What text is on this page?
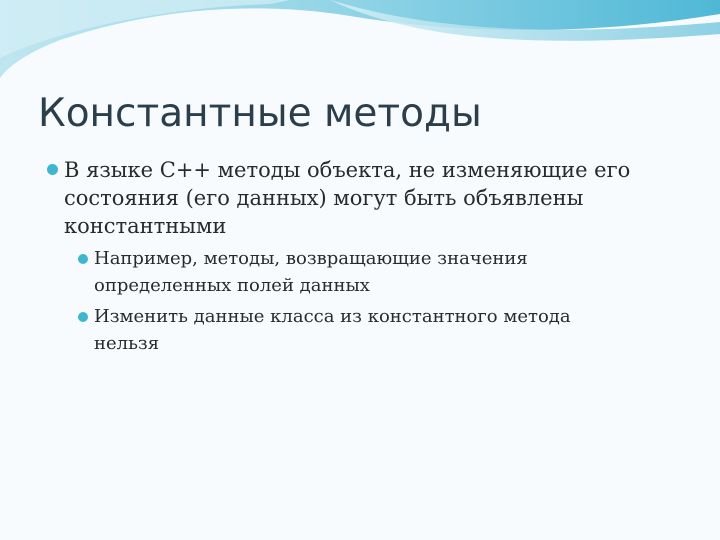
Константные методы
В языке С++ методы объекта, не изменяющие его
состояния (его данных) могут быть объявлены
константными
Например, методы, возвращающие значения
определенных полей данных
Изменить данные класса из константного метода
нельзя
